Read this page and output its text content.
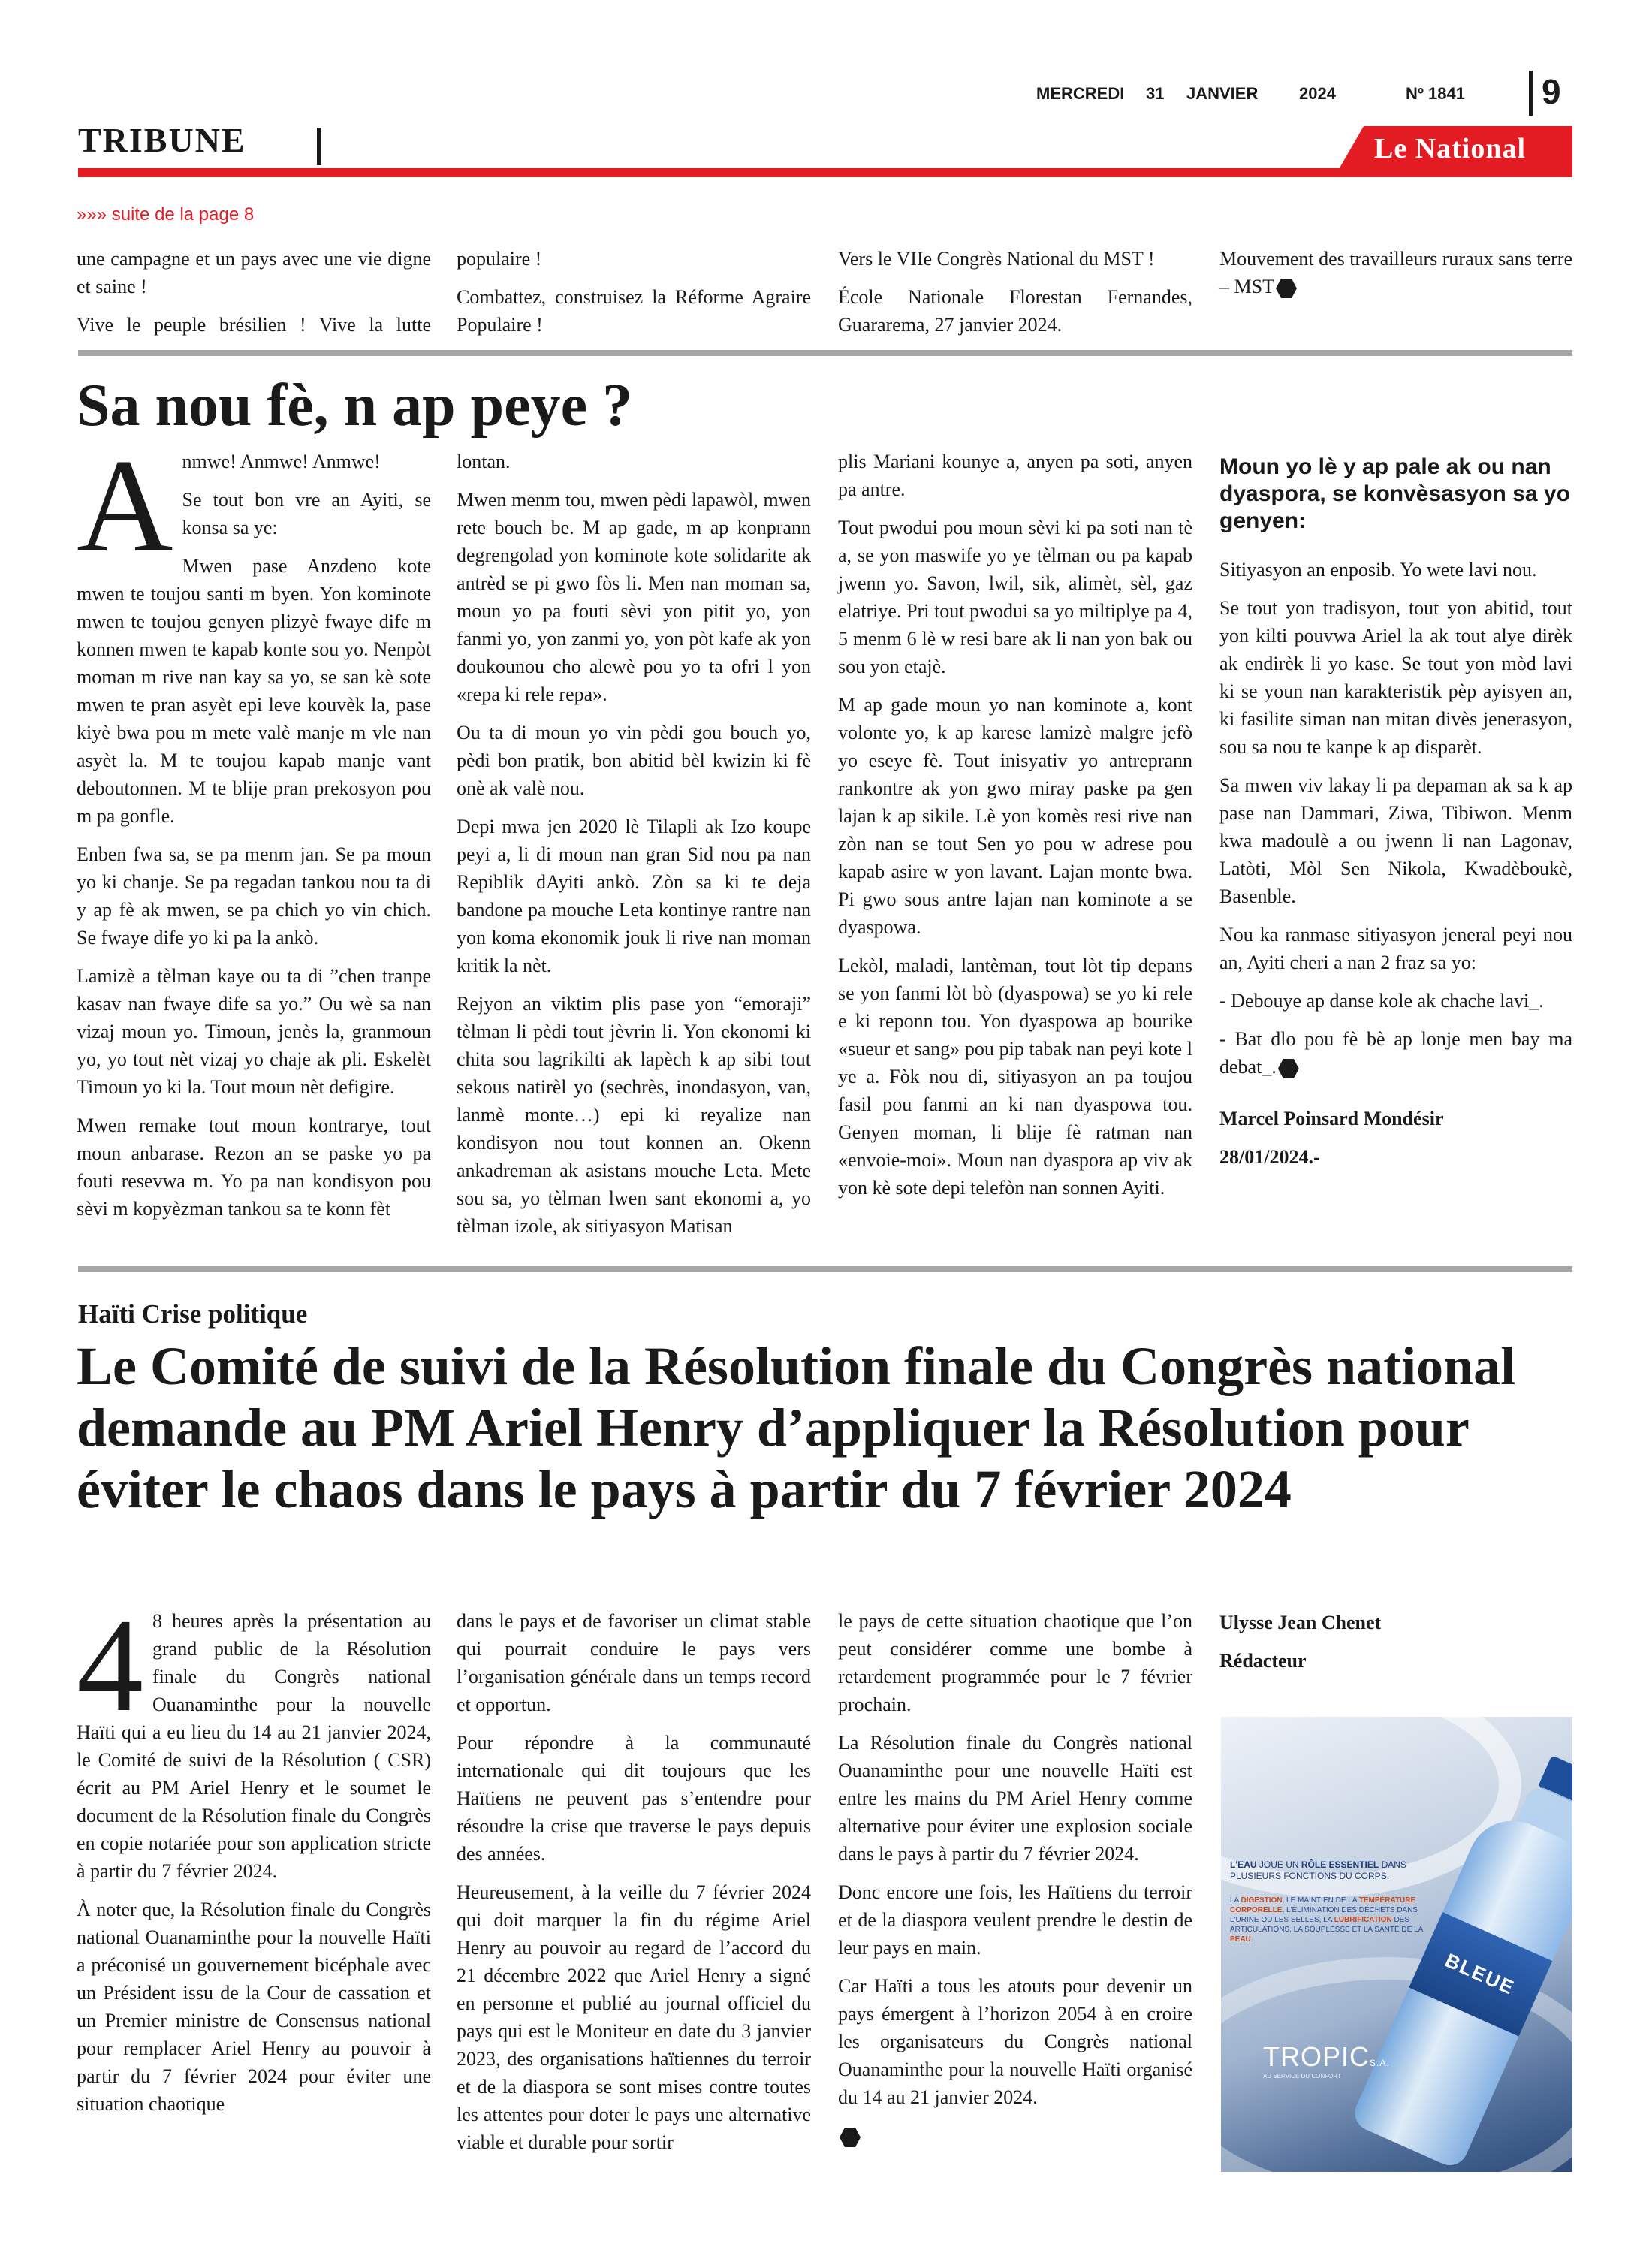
MERCREDI 31 JANVIER 2024	Nº 1841	9
TRIBUNE	Le National
»»» suite de la page 8

une campagne et un pays avec une vie digne et saine !

Vive le peuple brésilien ! Vive la lutte

populaire !

Combattez, construisez la Réforme Agraire Populaire !

Vers le VIIe Congrès National du MST !

École Nationale Florestan Fernandes, Guararema, 27 janvier 2024.

Mouvement des travailleurs ruraux sans terre – MST

Sa nou fè, n ap peye ?

Anmwe! Anmwe! Anmwe!

Se tout bon vre an Ayiti, se konsa sa ye:

Mwen pase Anzdeno kote mwen te toujou santi m byen. Yon kominote mwen te toujou genyen plizyè fwaye dife m konnen mwen te kapab konte sou yo. Nenpòt moman m rive nan kay sa yo, se san kè sote mwen te pran asyèt epi leve kouvèk la, pase kiyè bwa pou m mete valè manje m vle nan asyèt la. M te toujou kapab manje vant deboutonnen. M te blije pran prekosyon pou m pa gonfle.

Enben fwa sa, se pa menm jan. Se pa moun yo ki chanje. Se pa regadan tankou nou ta di y ap fè ak mwen, se pa chich yo vin chich. Se fwaye dife yo ki pa la ankò.

Lamizè a tèlman kaye ou ta di ”chen tranpe kasav nan fwaye dife sa yo.” Ou wè sa nan vizaj moun yo. Timoun, jenès la, granmoun yo, yo tout nèt vizaj yo chaje ak pli. Eskelèt Timoun yo ki la. Tout moun nèt defigire.

Mwen remake tout moun kontrarye, tout moun anbarase. Rezon an se paske yo pa fouti resevwa m. Yo pa nan kondisyon pou sèvi m kopyèzman tankou sa te konn fèt

lontan.

Mwen menm tou, mwen pèdi lapawòl, mwen rete bouch be. M ap gade, m ap konprann degrengolad yon kominote kote solidarite ak antrèd se pi gwo fòs li. Men nan moman sa, moun yo pa fouti sèvi yon pitit yo, yon fanmi yo, yon zanmi yo, yon pòt kafe ak yon doukounou cho alewè pou yo ta ofri l yon «repa ki rele repa».

Ou ta di moun yo vin pèdi gou bouch yo, pèdi bon pratik, bon abitid bèl kwizin ki fè onè ak valè nou.

Depi mwa jen 2020 lè Tilapli ak Izo koupe peyi a, li di moun nan gran Sid nou pa nan Repiblik dAyiti ankò. Zòn sa ki te deja bandone pa mouche Leta kontinye rantre nan yon koma ekonomik jouk li rive nan moman kritik la nèt.

Rejyon an viktim plis pase yon “emoraji” tèlman li pèdi tout jèvrin li. Yon ekonomi ki chita sou lagrikilti ak lapèch k ap sibi tout sekous natirèl yo (sechrès, inondasyon, van, lanmè monte…) epi ki reyalize nan kondisyon nou tout konnen an. Okenn ankadreman ak asistans mouche Leta. Mete sou sa, yo tèlman lwen sant ekonomi a, yo tèlman izole, ak sitiyasyon Matisan

plis Mariani kounye a, anyen pa soti, anyen pa antre.

Tout pwodui pou moun sèvi ki pa soti nan tè a, se yon maswife yo ye tèlman ou pa kapab jwenn yo. Savon, lwil, sik, alimèt, sèl, gaz elatriye. Pri tout pwodui sa yo miltiplye pa 4, 5 menm 6 lè w resi bare ak li nan yon bak ou sou yon etajè.

M ap gade moun yo nan kominote a, kont volonte yo, k ap karese lamizè malgre jefò yo eseye fè. Tout inisyativ yo antreprann rankontre ak yon gwo miray paske pa gen lajan k ap sikile. Lè yon komès resi rive nan zòn nan se tout Sen yo pou w adrese pou kapab asire w yon lavant. Lajan monte bwa. Pi gwo sous antre lajan nan kominote a se dyaspowa.

Lekòl, maladi, lantèman, tout lòt tip depans se yon fanmi lòt bò (dyaspowa) se yo ki rele e ki reponn tou. Yon dyaspowa ap bourike «sueur et sang» pou pip tabak nan peyi kote l ye a. Fòk nou di, sitiyasyon an pa toujou fasil pou fanmi an ki nan dyaspowa tou. Genyen moman, li blije fè ratman nan «envoie-moi». Moun nan dyaspora ap viv ak yon kè sote depi telefòn nan sonnen Ayiti.

Moun yo lè y ap pale ak ou nan dyaspora, se konvèsasyon sa yo genyen:

Sitiyasyon an enposib. Yo wete lavi nou.

Se tout yon tradisyon, tout yon abitid, tout yon kilti pouvwa Ariel la ak tout alye dirèk ak endirèk li yo kase. Se tout yon mòd lavi ki se youn nan karakteristik pèp ayisyen an, ki fasilite siman nan mitan divès jenerasyon, sou sa nou te kanpe k ap disparèt.

Sa mwen viv lakay li pa depaman ak sa k ap pase nan Dammari, Ziwa, Tibiwon. Menm kwa madoulè a ou jwenn li nan Lagonav, Latòti, Mòl Sen Nikola, Kwadèboukè, Basenble.

Nou ka ranmase sitiyasyon jeneral peyi nou an, Ayiti cheri a nan 2 fraz sa yo:

- Debouye ap danse kole ak chache lavi_.

- Bat dlo pou fè bè ap lonje men bay ma debat_.

Marcel Poinsard Mondésir

28/01/2024.-

Haïti Crise politique
Le Comité de suivi de la Résolution finale du Congrès national demande au PM Ariel Henry d’appliquer la Résolution pour éviter le chaos dans le pays à partir du 7 février 2024

4 8 heures après la présentation au grand public de la Résolution finale du Congrès national Ouanaminthe pour la nouvelle Haïti qui a eu lieu du 14 au 21 janvier 2024, le Comité de suivi de la Résolution ( CSR) écrit au PM Ariel Henry et le soumet le document de la Résolution finale du Congrès en copie notariée pour son application stricte à partir du 7 février 2024.

À noter que, la Résolution finale du Congrès national Ouanaminthe pour la nouvelle Haïti a préconisé un gouvernement bicéphale avec un Président issu de la Cour de cassation et un Premier ministre de Consensus national pour remplacer Ariel Henry au pouvoir à partir du 7 février 2024 pour éviter une situation chaotique

dans le pays et de favoriser un climat stable qui pourrait conduire le pays vers l’organisation générale dans un temps record et opportun.

Pour répondre à la communauté internationale qui dit toujours que les Haïtiens ne peuvent pas s’entendre pour résoudre la crise que traverse le pays depuis des années.

Heureusement, à la veille du 7 février 2024 qui doit marquer la fin du régime Ariel Henry au pouvoir au regard de l’accord du 21 décembre 2022 que Ariel Henry a signé en personne et publié au journal officiel du pays qui est le Moniteur en date du 3 janvier 2023, des organisations haïtiennes du terroir et de la diaspora se sont mises contre toutes les attentes pour doter le pays une alternative viable et durable pour sortir

le pays de cette situation chaotique que l’on peut considérer comme une bombe à retardement programmée pour le 7 février prochain.

La Résolution finale du Congrès national Ouanaminthe pour une nouvelle Haïti est entre les mains du PM Ariel Henry comme alternative pour éviter une explosion sociale dans le pays à partir du 7 février 2024.

Donc encore une fois, les Haïtiens du terroir et de la diaspora veulent prendre le destin de leur pays en main.

Car Haïti a tous les atouts pour devenir un pays émergent à l’horizon 2054 à en croire les organisateurs du Congrès national Ouanaminthe pour la nouvelle Haïti organisé du 14 au 21 janvier 2024.

Ulysse Jean Chenet

Rédacteur

L'EAU JOUE UN RÔLE ESSENTIEL DANS PLUSIEURS FONCTIONS DU CORPS.
LA DIGESTION, LE MAINTIEN DE LA TEMPÉRATURE CORPORELLE, L'ÉLIMINATION DES DÉCHETS DANS L'URINE OU LES SELLES, LA LUBRIFICATION DES ARTICULATIONS, LA SOUPLESSE ET LA SANTÉ DE LA PEAU.
BLEUE
TROPICS.A.
AU SERVICE DU CONFORT
